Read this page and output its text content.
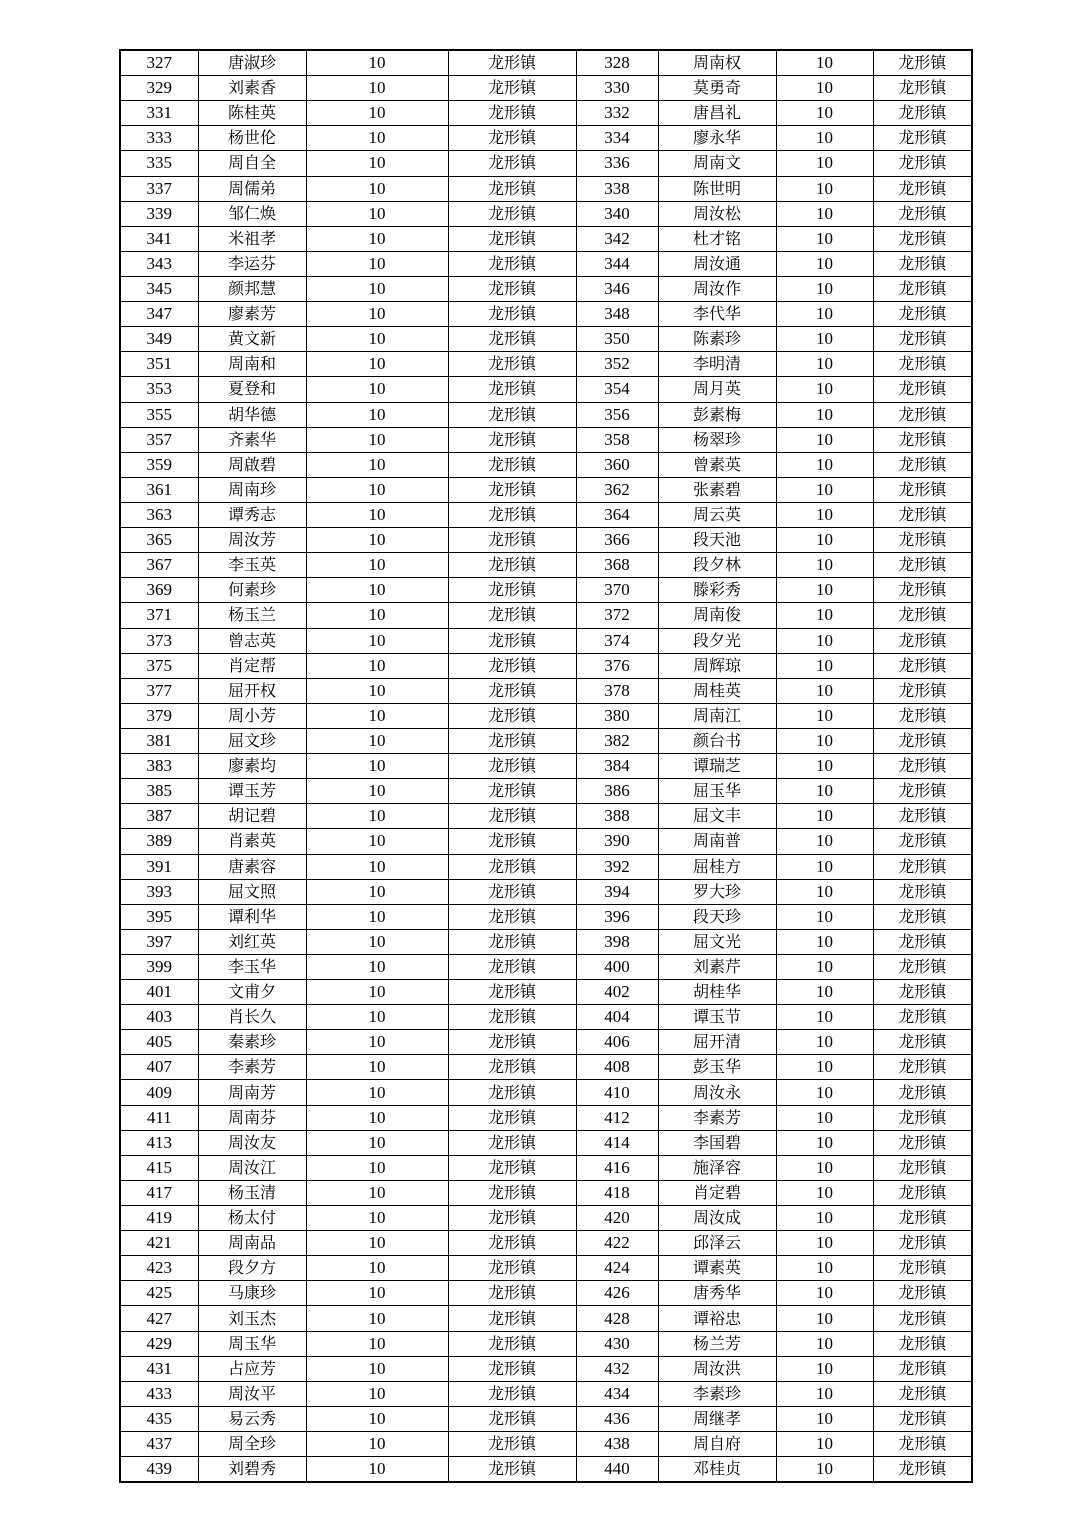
327	唐淑珍	10	龙形镇	328	周南权	10	龙形镇
329	刘素香	10	龙形镇	330	莫勇奇	10	龙形镇
331	陈桂英	10	龙形镇	332	唐昌礼	10	龙形镇
333	杨世伦	10	龙形镇	334	廖永华	10	龙形镇
335	周自全	10	龙形镇	336	周南文	10	龙形镇
337	周儒弟	10	龙形镇	338	陈世明	10	龙形镇
339	邹仁焕	10	龙形镇	340	周汝松	10	龙形镇
341	米祖孝	10	龙形镇	342	杜才铭	10	龙形镇
343	李运芬	10	龙形镇	344	周汝通	10	龙形镇
345	颜邦慧	10	龙形镇	346	周汝作	10	龙形镇
347	廖素芳	10	龙形镇	348	李代华	10	龙形镇
349	黄文新	10	龙形镇	350	陈素珍	10	龙形镇
351	周南和	10	龙形镇	352	李明清	10	龙形镇
353	夏登和	10	龙形镇	354	周月英	10	龙形镇
355	胡华德	10	龙形镇	356	彭素梅	10	龙形镇
357	齐素华	10	龙形镇	358	杨翠珍	10	龙形镇
359	周啟碧	10	龙形镇	360	曾素英	10	龙形镇
361	周南珍	10	龙形镇	362	张素碧	10	龙形镇
363	谭秀志	10	龙形镇	364	周云英	10	龙形镇
365	周汝芳	10	龙形镇	366	段天池	10	龙形镇
367	李玉英	10	龙形镇	368	段夕林	10	龙形镇
369	何素珍	10	龙形镇	370	滕彩秀	10	龙形镇
371	杨玉兰	10	龙形镇	372	周南俊	10	龙形镇
373	曾志英	10	龙形镇	374	段夕光	10	龙形镇
375	肖定帮	10	龙形镇	376	周辉琼	10	龙形镇
377	屈开权	10	龙形镇	378	周桂英	10	龙形镇
379	周小芳	10	龙形镇	380	周南江	10	龙形镇
381	屈文珍	10	龙形镇	382	颜台书	10	龙形镇
383	廖素均	10	龙形镇	384	谭瑞芝	10	龙形镇
385	谭玉芳	10	龙形镇	386	屈玉华	10	龙形镇
387	胡记碧	10	龙形镇	388	屈文丰	10	龙形镇
389	肖素英	10	龙形镇	390	周南普	10	龙形镇
391	唐素容	10	龙形镇	392	屈桂方	10	龙形镇
393	屈文照	10	龙形镇	394	罗大珍	10	龙形镇
395	谭利华	10	龙形镇	396	段天珍	10	龙形镇
397	刘红英	10	龙形镇	398	屈文光	10	龙形镇
399	李玉华	10	龙形镇	400	刘素芹	10	龙形镇
401	文甫夕	10	龙形镇	402	胡桂华	10	龙形镇
403	肖长久	10	龙形镇	404	谭玉节	10	龙形镇
405	秦素珍	10	龙形镇	406	屈开清	10	龙形镇
407	李素芳	10	龙形镇	408	彭玉华	10	龙形镇
409	周南芳	10	龙形镇	410	周汝永	10	龙形镇
411	周南芬	10	龙形镇	412	李素芳	10	龙形镇
413	周汝友	10	龙形镇	414	李国碧	10	龙形镇
415	周汝江	10	龙形镇	416	施泽容	10	龙形镇
417	杨玉清	10	龙形镇	418	肖定碧	10	龙形镇
419	杨太付	10	龙形镇	420	周汝成	10	龙形镇
421	周南品	10	龙形镇	422	邱泽云	10	龙形镇
423	段夕方	10	龙形镇	424	谭素英	10	龙形镇
425	马康珍	10	龙形镇	426	唐秀华	10	龙形镇
427	刘玉杰	10	龙形镇	428	谭裕忠	10	龙形镇
429	周玉华	10	龙形镇	430	杨兰芳	10	龙形镇
431	占应芳	10	龙形镇	432	周汝洪	10	龙形镇
433	周汝平	10	龙形镇	434	李素珍	10	龙形镇
435	易云秀	10	龙形镇	436	周继孝	10	龙形镇
437	周全珍	10	龙形镇	438	周自府	10	龙形镇
439	刘碧秀	10	龙形镇	440	邓桂贞	10	龙形镇
